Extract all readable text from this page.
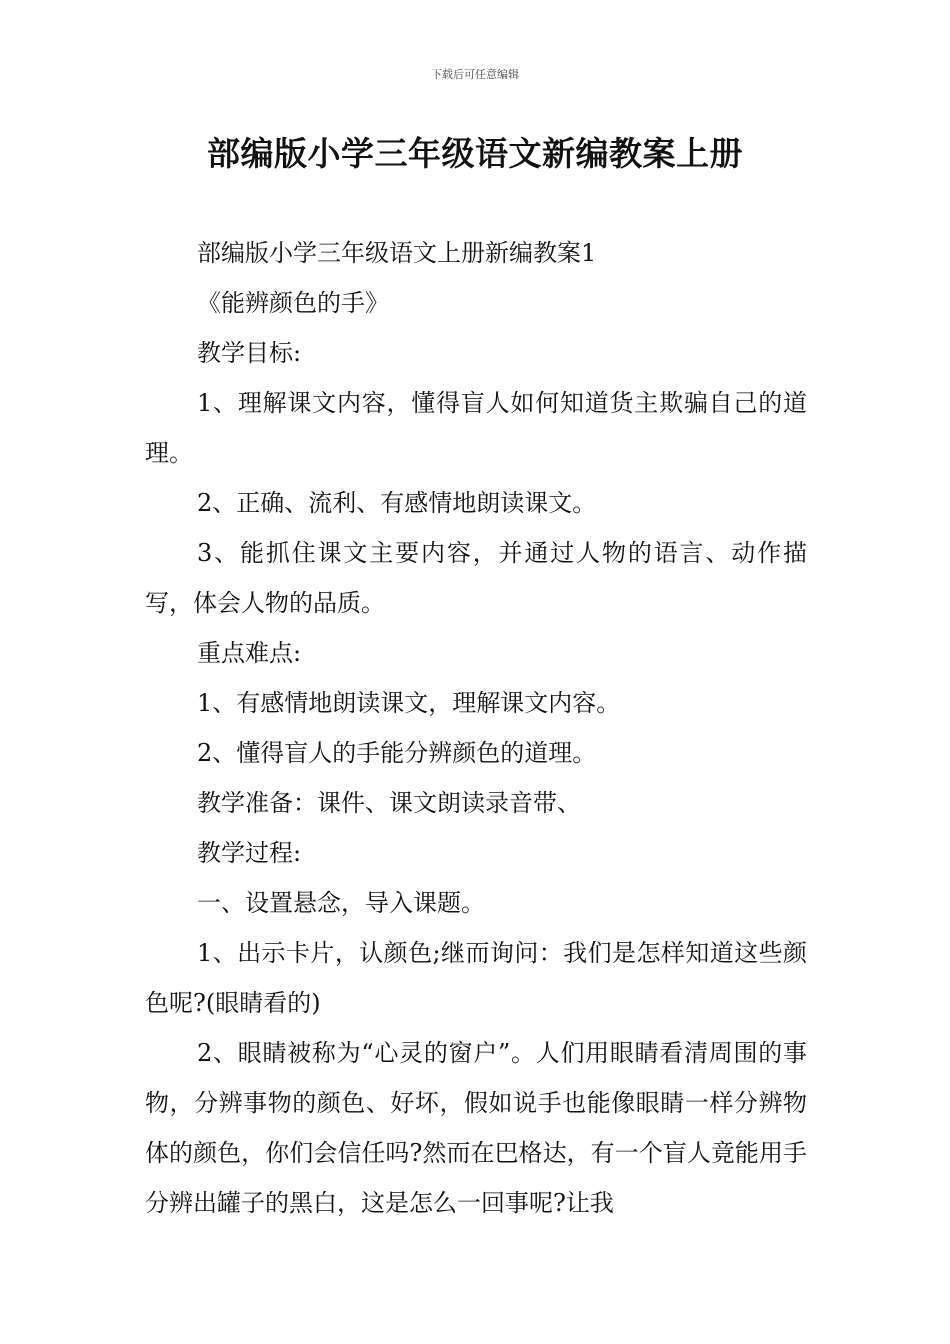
下载后可任意编辑
部编版小学三年级语文新编教案上册

部编版小学三年级语文上册新编教案1

《能辨颜色的手》

教学目标:

1、理解课文内容，懂得盲人如何知道货主欺骗自己的道理。

2、正确、流利、有感情地朗读课文。

3、能抓住课文主要内容，并通过人物的语言、动作描写，体会人物的品质。

重点难点:

1、有感情地朗读课文，理解课文内容。

2、懂得盲人的手能分辨颜色的道理。

教学准备：课件、课文朗读录音带、

教学过程:

一、设置悬念，导入课题。

1、出示卡片，认颜色;继而询问：我们是怎样知道这些颜色呢?(眼睛看的)

2、眼睛被称为“心灵的窗户”。人们用眼睛看清周围的事物，分辨事物的颜色、好坏，假如说手也能像眼睛一样分辨物体的颜色，你们会信任吗?然而在巴格达，有一个盲人竟能用手分辨出罐子的黑白，这是怎么一回事呢?让我
